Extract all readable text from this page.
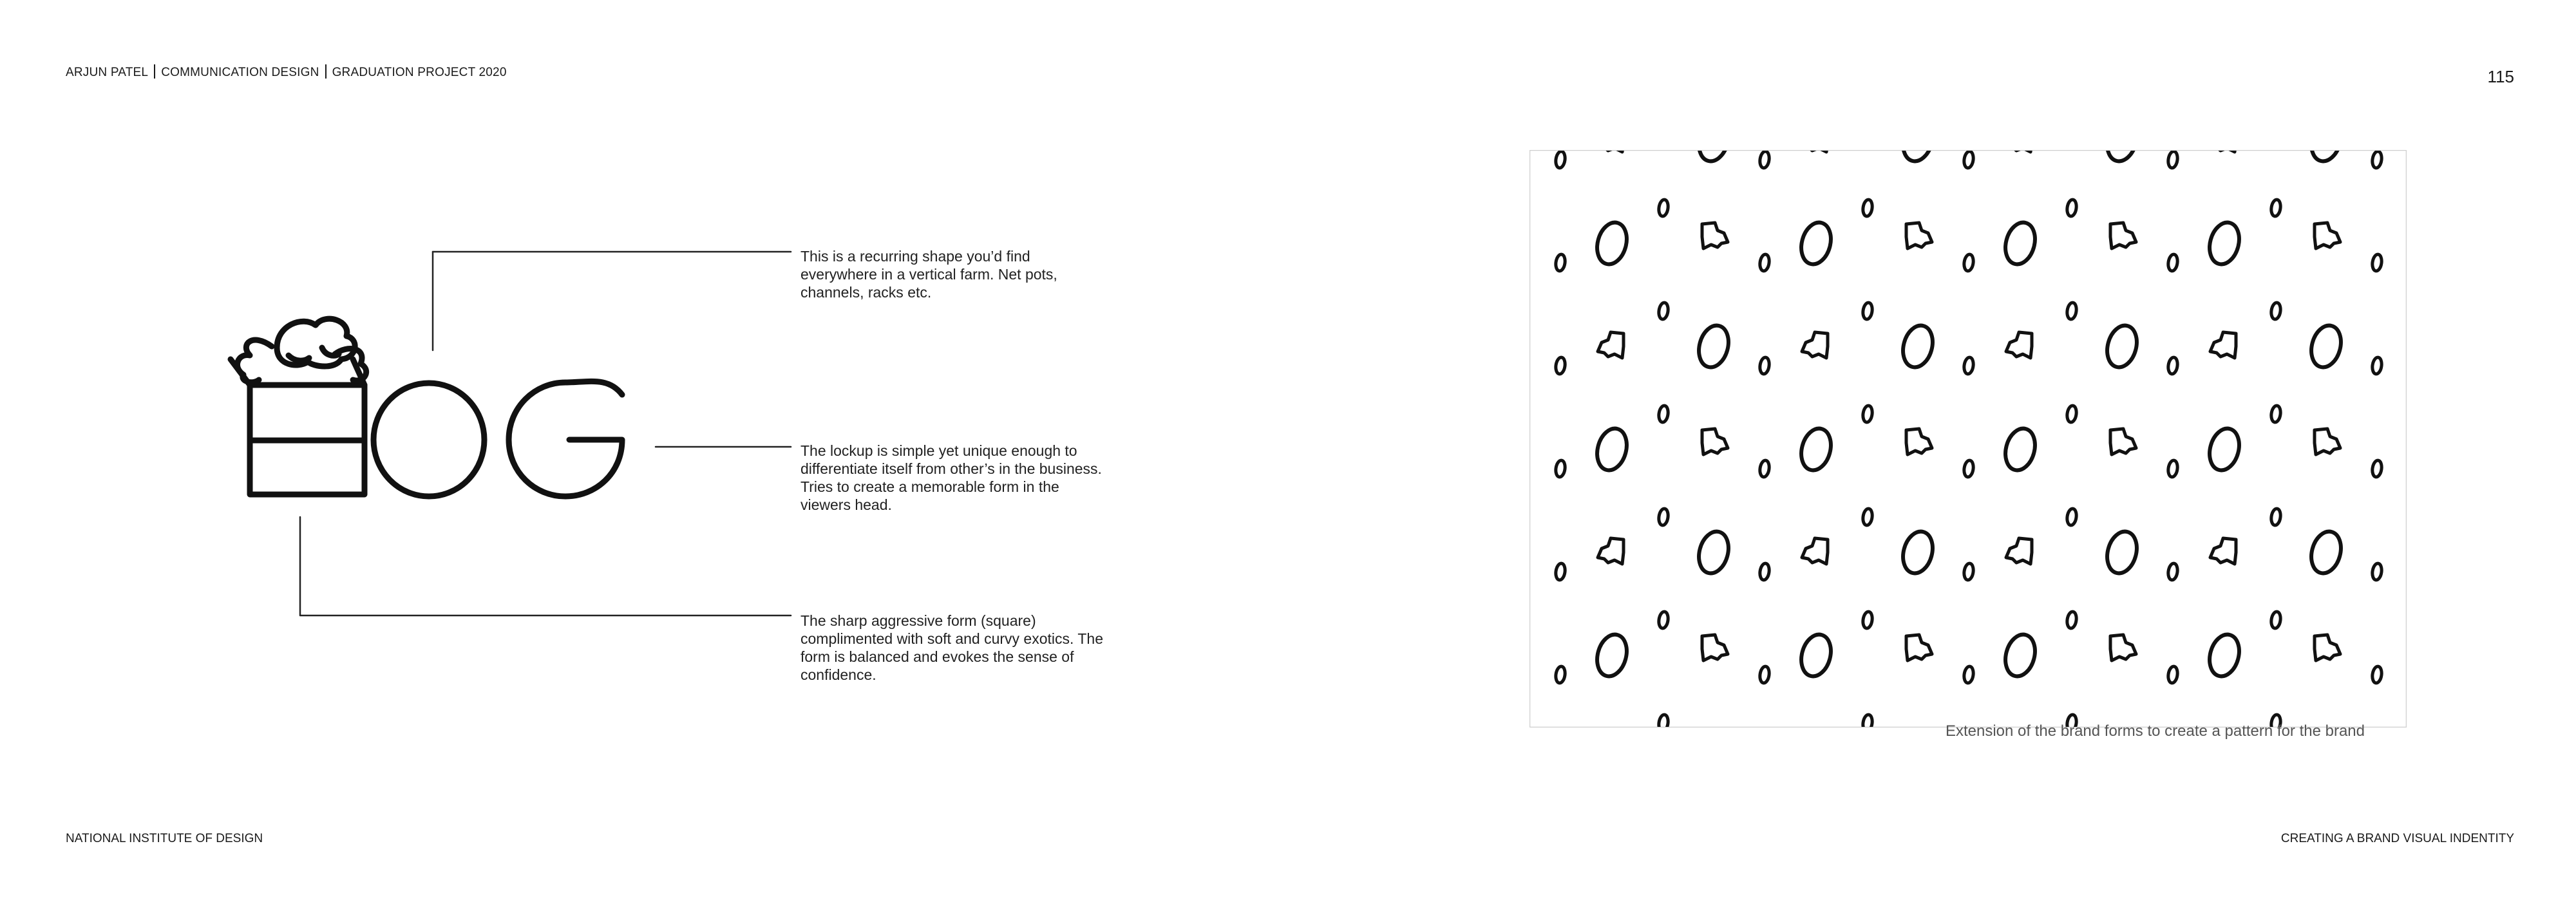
ARJUN PATEL COMMUNICATION DESIGN GRADUATION PROJECT 2020	115
This is a recurring shape you’d find everywhere in a vertical farm. Net pots, channels, racks etc.
The lockup is simple yet unique enough to differentiate itself from other’s in the business. Tries to create a memorable form in the viewers head.
The sharp aggressive form (square) complimented with soft and curvy exotics. The form is balanced and evokes the sense of confidence.
Extension of the brand forms to create a pattern for the brand
NATIONAL INSTITUTE OF DESIGN	CREATING A BRAND VISUAL INDENTITY
